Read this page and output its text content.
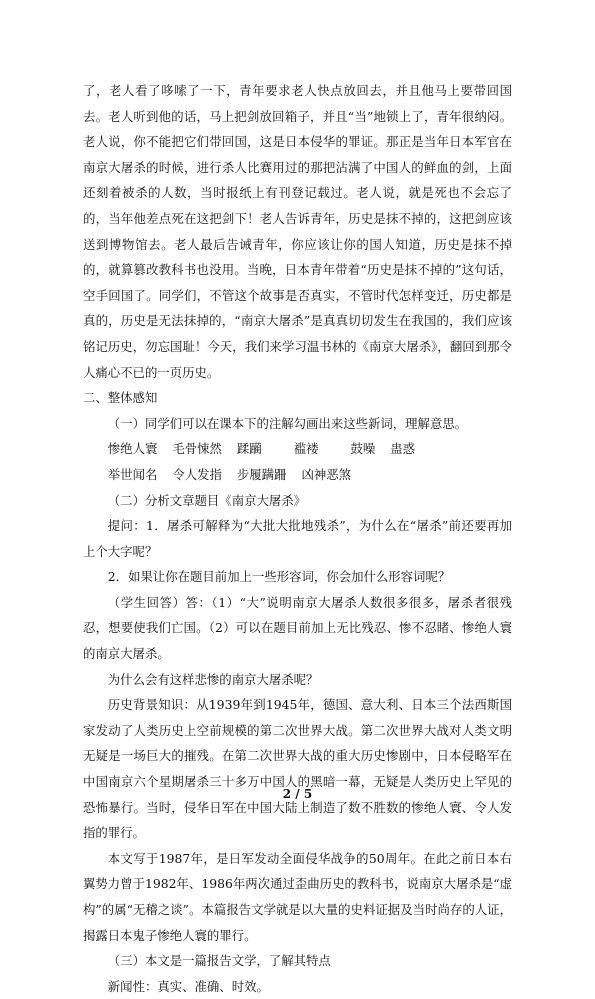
了，老人看了哆嗦了一下，青年要求老人快点放回去，并且他马上要带回国去。老人听到他的话，马上把剑放回箱子，并且“当”地锁上了，青年很纳闷。老人说，你不能把它们带回国，这是日本侵华的罪证。那正是当年日本军官在南京大屠杀的时候，进行杀人比赛用过的那把沾满了中国人的鲜血的剑，上面还刻着被杀的人数，当时报纸上有刊登记载过。老人说，就是死也不会忘了的，当年他差点死在这把剑下！老人告诉青年，历史是抹不掉的，这把剑应该送到博物馆去。老人最后告诫青年，你应该让你的国人知道，历史是抹不掉的，就算篡改教科书也没用。当晚，日本青年带着“历史是抹不掉的”这句话，空手回国了。同学们，不管这个故事是否真实，不管时代怎样变迁，历史都是真的，历史是无法抹掉的，“南京大屠杀”是真真切切发生在我国的，我们应该铭记历史，勿忘国耻！今天，我们来学习温书林的《南京大屠杀》，翻回到那令人痛心不已的一页历史。

二、整体感知

（一）同学们可以在课本下的注解勾画出来这些新词，理解意思。

惨绝人寰 毛骨悚然 蹂躏	褴褛	鼓噪 蛊惑
举世闻名 令人发指 步履蹒跚 凶神恶煞

（二）分析文章题目《南京大屠杀》

提问：1．屠杀可解释为“大批大批地残杀”，为什么在“屠杀”前还要再加上个大字呢？

2．如果让你在题目前加上一些形容词，你会加什么形容词呢？

（学生回答）答：（1）“大”说明南京大屠杀人数很多很多，屠杀者很残忍，想要使我们亡国。（2）可以在题目前加上无比残忍、惨不忍睹、惨绝人寰的南京大屠杀。

为什么会有这样悲惨的南京大屠杀呢？

历史背景知识：从1939年到1945年，德国、意大利、日本三个法西斯国家发动了人类历史上空前规模的第二次世界大战。第二次世界大战对人类文明无疑是一场巨大的摧残。在第二次世界大战的重大历史惨剧中，日本侵略军在中国南京六个星期屠杀三十多万中国人的黑暗一幕，无疑是人类历史上罕见的恐怖暴行。当时，侵华日军在中国大陆上制造了数不胜数的惨绝人寰、令人发指的罪行。

本文写于1987年，是日军发动全面侵华战争的50周年。在此之前日本右翼势力曾于1982年、1986年两次通过歪曲历史的教科书，说南京大屠杀是“虚构”的属“无稽之谈”。本篇报告文学就是以大量的史料证据及当时尚存的人证，揭露日本鬼子惨绝人寰的罪行。

（三）本文是一篇报告文学，了解其特点

新闻性：真实、准确、时效。

2 / 5
